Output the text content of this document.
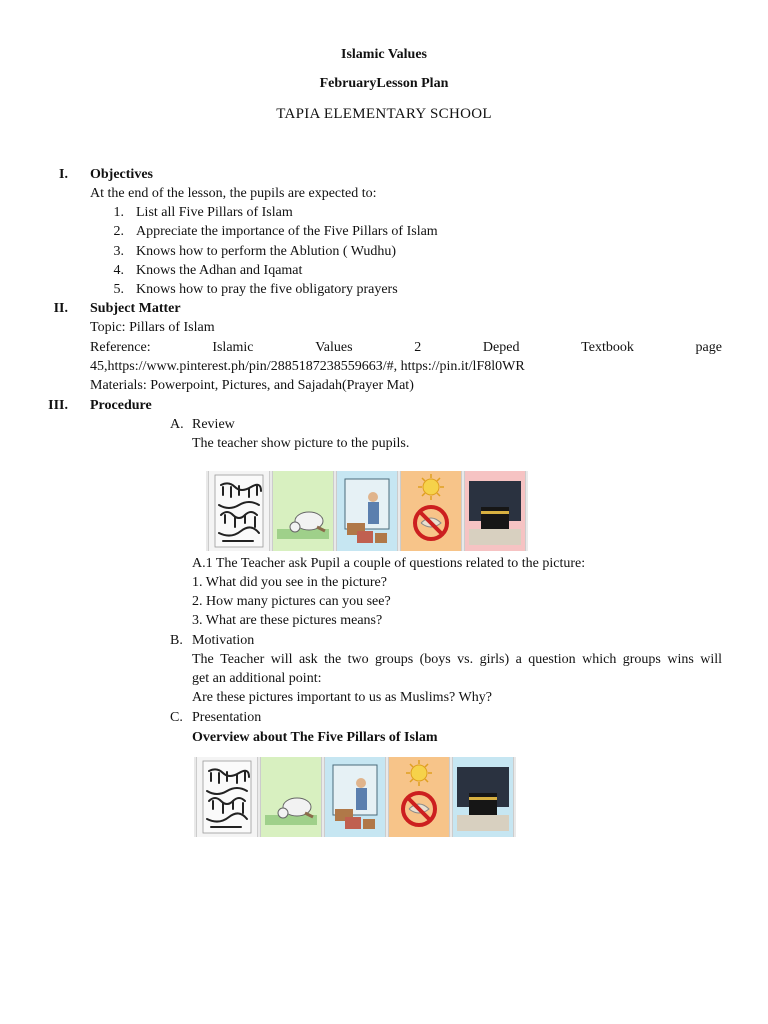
Islamic Values
FebruaryLesson Plan
TAPIA ELEMENTARY SCHOOL
I. Objectives
At the end of the lesson, the pupils are expected to:
1. List all Five Pillars of Islam
2. Appreciate the importance of the Five Pillars of Islam
3. Knows how to perform the Ablution ( Wudhu)
4. Knows the Adhan and Iqamat
5. Knows how to pray the five obligatory prayers
II. Subject Matter
Topic: Pillars of Islam
Reference:	Islamic	Values	2	Deped	Textbook	page
45,https://www.pinterest.ph/pin/288518723855966З/#, https://pin.it/lF8l0WR
Materials: Powerpoint, Pictures, and Sajadah(Prayer Mat)
III. Procedure
A. Review
The teacher show picture to the pupils.
A.1 The Teacher ask Pupil a couple of questions related to the picture:
1. What did you see in the picture?
2. How many pictures can you see?
3. What are these pictures means?
B. Motivation
The Teacher will ask the two groups (boys vs. girls) a question which groups wins will
get an additional point:
Are these pictures important to us as Muslims? Why?
C. Presentation
Overview about The Five Pillars of Islam
